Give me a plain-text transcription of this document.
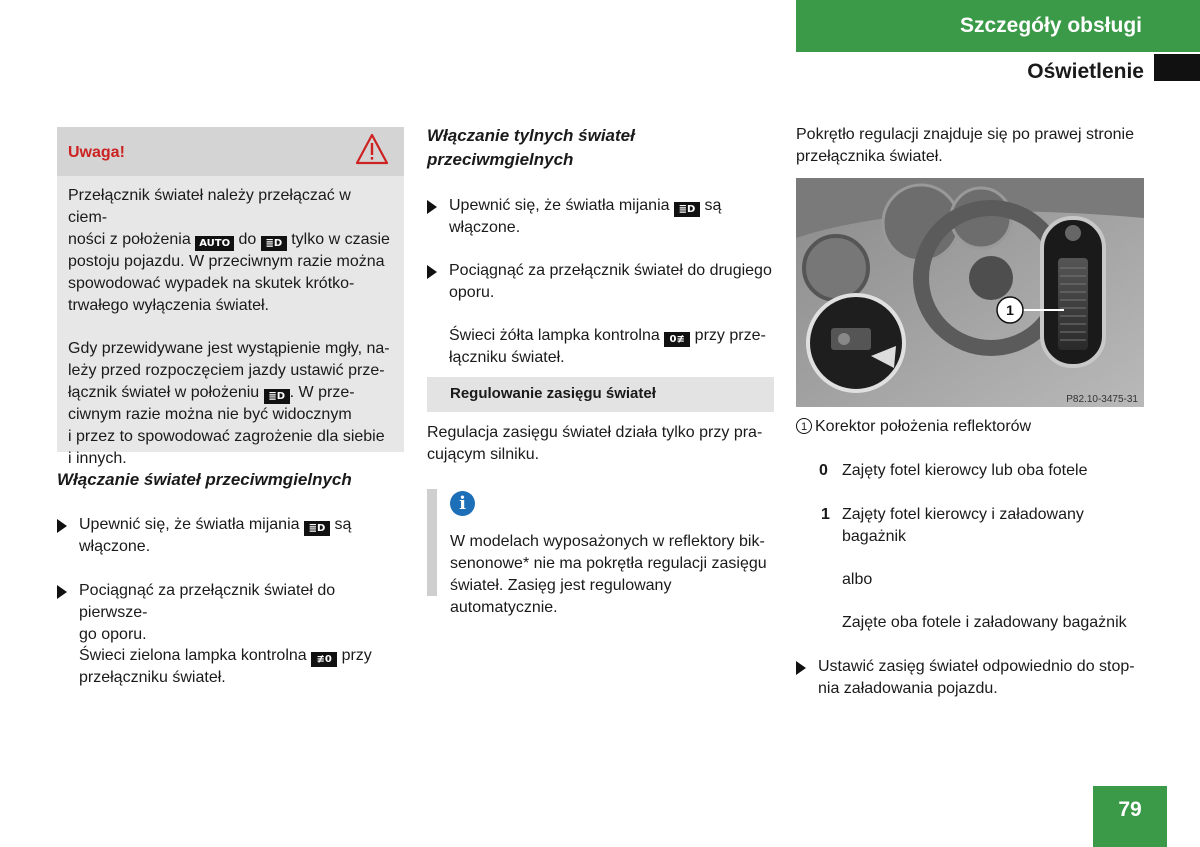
Szczegóły obsługi
Oświetlenie
Uwaga!

Przełącznik świateł należy przełączać w ciem-
ności z położenia AUTO do ≣D tylko w czasie
postoju pojazdu. W przeciwnym razie można
spowodować wypadek na skutek krótko-
trwałego wyłączenia świateł.

Gdy przewidywane jest wystąpienie mgły, na-
leży przed rozpoczęciem jazdy ustawić prze-
łącznik świateł w położeniu ≣D . W prze-
ciwnym razie można nie być widocznym
i przez to spowodować zagrożenie dla siebie
i innych.

Włączanie świateł przeciwmgielnych
Upewnić się, że światła mijania ≣D są
włączone.
Pociągnąć za przełącznik świateł do pierwsze-
go oporu.
Świeci zielona lampka kontrolna ≢0 przy
przełączniku świateł.
Włączanie tylnych świateł
przeciwmgielnych
Upewnić się, że światła mijania ≣D są
włączone.
Pociągnąć za przełącznik świateł do drugiego
oporu.
Świeci żółta lampka kontrolna 0≢ przy prze-
łączniku świateł.
Regulowanie zasięgu świateł
Regulacja zasięgu świateł działa tylko przy pra-
cującym silniku.
i
W modelach wyposażonych w reflektory bik-
senonowe* nie ma pokrętła regulacji zasięgu
świateł. Zasięg jest regulowany automatycznie.
Pokrętło regulacji znajduje się po prawej stronie
przełącznika świateł.
1
P82.10-3475-31
1 Korektor położenia reflektorów
0 Zajęty fotel kierowcy lub oba fotele
1 Zajęty fotel kierowcy i załadowany
bagażnik
albo
Zajęte oba fotele i załadowany bagażnik
Ustawić zasięg świateł odpowiednio do stop-
nia załadowania pojazdu.
79
